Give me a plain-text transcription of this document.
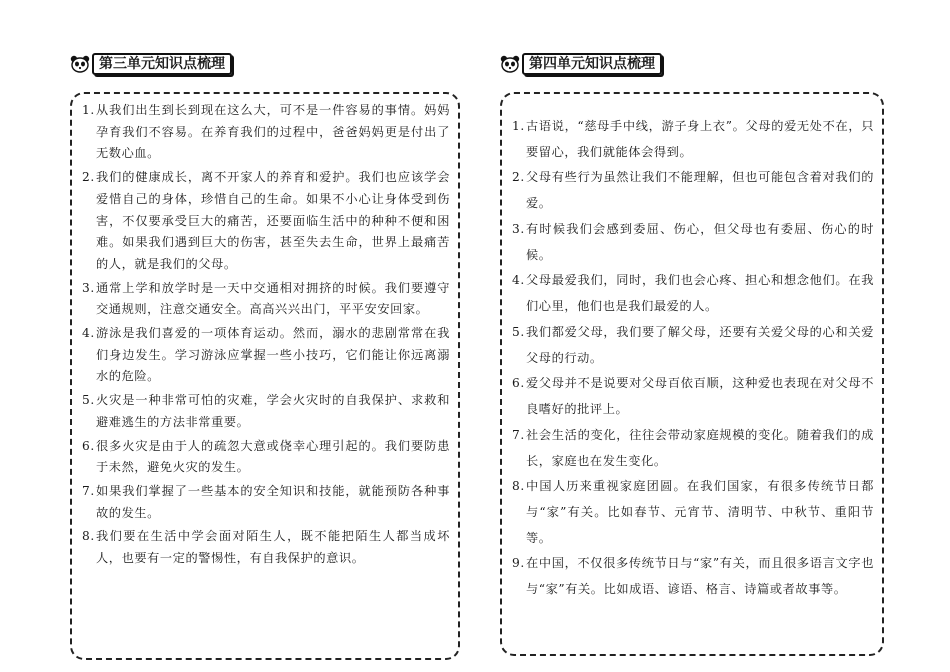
第三单元知识点梳理
1. 从我们出生到长到现在这么大，可不是一件容易的事情。妈妈孕育我们不容易。在养育我们的过程中，爸爸妈妈更是付出了无数心血。
2. 我们的健康成长，离不开家人的养育和爱护。我们也应该学会爱惜自己的身体，珍惜自己的生命。如果不小心让身体受到伤害，不仅要承受巨大的痛苦，还要面临生活中的种种不便和困难。如果我们遇到巨大的伤害，甚至失去生命，世界上最痛苦的人，就是我们的父母。
3. 通常上学和放学时是一天中交通相对拥挤的时候。我们要遵守交通规则，注意交通安全。高高兴兴出门，平平安安回家。
4. 游泳是我们喜爱的一项体育运动。然而，溺水的悲剧常常在我们身边发生。学习游泳应掌握一些小技巧，它们能让你远离溺水的危险。
5. 火灾是一种非常可怕的灾难，学会火灾时的自我保护、求救和避难逃生的方法非常重要。
6. 很多火灾是由于人的疏忽大意或侥幸心理引起的。我们要防患于未然，避免火灾的发生。
7. 如果我们掌握了一些基本的安全知识和技能，就能预防各种事故的发生。
8. 我们要在生活中学会面对陌生人，既不能把陌生人都当成坏人，也要有一定的警惕性，有自我保护的意识。
第四单元知识点梳理
1. 古语说，“慈母手中线，游子身上衣”。父母的爱无处不在，只要留心，我们就能体会得到。
2. 父母有些行为虽然让我们不能理解，但也可能包含着对我们的爱。
3. 有时候我们会感到委屈、伤心，但父母也有委屈、伤心的时候。
4. 父母最爱我们，同时，我们也会心疼、担心和想念他们。在我们心里，他们也是我们最爱的人。
5. 我们都爱父母，我们要了解父母，还要有关爱父母的心和关爱父母的行动。
6. 爱父母并不是说要对父母百依百顺，这种爱也表现在对父母不良嗜好的批评上。
7. 社会生活的变化，往往会带动家庭规模的变化。随着我们的成长，家庭也在发生变化。
8. 中国人历来重视家庭团圆。在我们国家，有很多传统节日都与“家”有关。比如春节、元宵节、清明节、中秋节、重阳节等。
9. 在中国，不仅很多传统节日与“家”有关，而且很多语言文字也与“家”有关。比如成语、谚语、格言、诗篇或者故事等。
